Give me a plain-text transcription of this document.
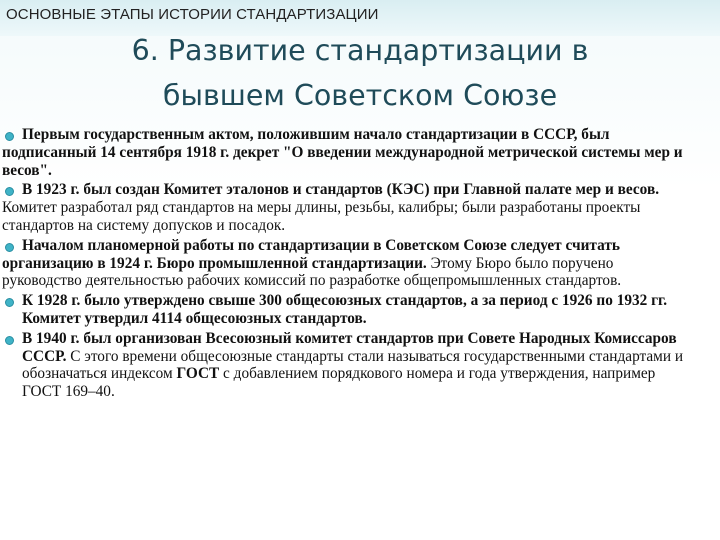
ОСНОВНЫЕ ЭТАПЫ ИСТОРИИ СТАНДАРТИЗАЦИИ
6. Развитие стандартизации в
бывшем Советском Союзе

Первым государственным актом, положившим начало стандартизации в СССР, был подписанный 14 сентября 1918 г. декрет "О введении международной метрической системы мер и весов".

В 1923 г. был создан Комитет эталонов и стандартов (КЭС) при Главной палате мер и весов. Комитет разработал ряд стандартов на меры длины, резьбы, калибры; были разработаны проекты стандартов на систему допусков и посадок.

Началом планомерной работы по стандартизации в Советском Союзе следует считать организацию в 1924 г. Бюро промышленной стандартизации. Этому Бюро было поручено руководство деятельностью рабочих комиссий по разработке общепромышленных стандартов.

К 1928 г. было утверждено свыше 300 общесоюзных стандартов, а за период с 1926 по 1932 гг. Комитет утвердил 4114 общесоюзных стандартов.

В 1940 г. был организован Всесоюзный комитет стандартов при Совете Народных Комиссаров СССР. С этого времени общесоюзные стандарты стали называться государственными стандартами и обозначаться индексом ГОСТ с добавлением порядкового номера и года утверждения, например ГОСТ 169–40.
